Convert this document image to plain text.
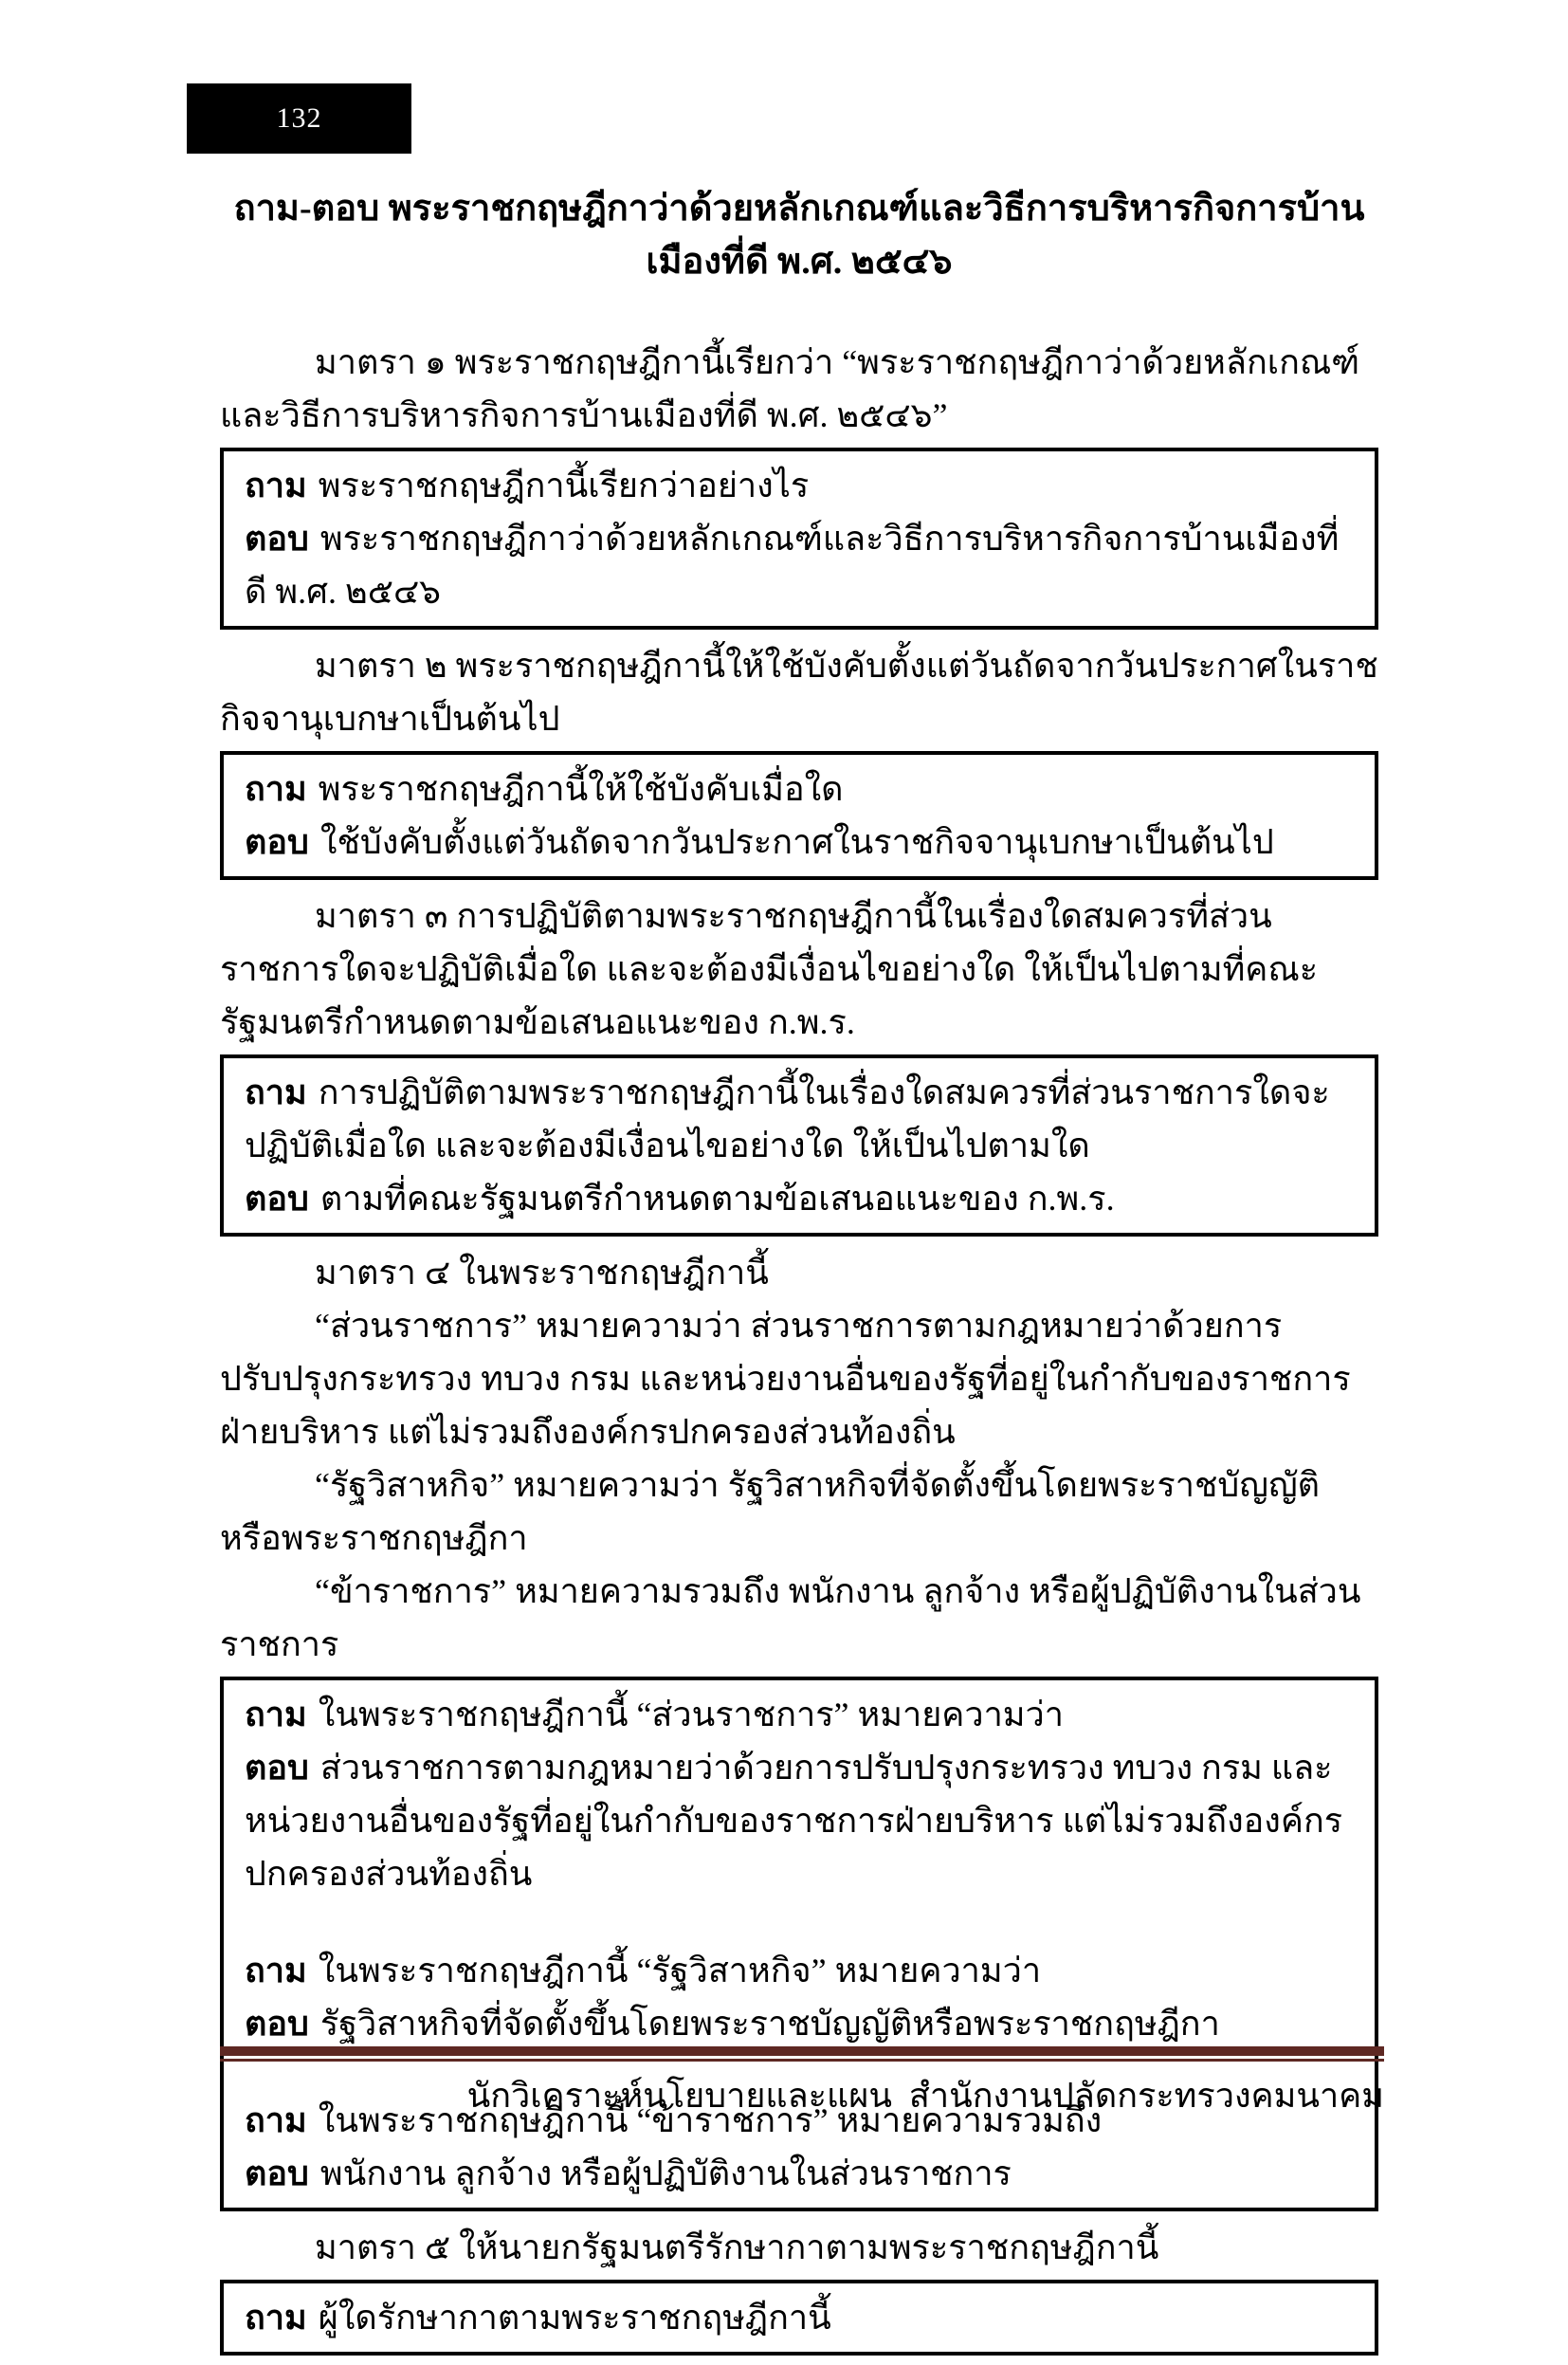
132
ถาม-ตอบ พระราชกฤษฎีกาว่าด้วยหลักเกณฑ์และวิธีการบริหารกิจการบ้านเมืองที่ดี พ.ศ. ๒๕๔๖

มาตรา ๑ พระราชกฤษฎีกานี้เรียกว่า “พระราชกฤษฎีกาว่าด้วยหลักเกณฑ์และวิธีการบริหาร​กิจการบ้านเมืองที่ดี พ.ศ. ๒๕๔๖”

ถาม พระราชกฤษฎีกานี้เรียกว่าอย่างไร
ตอบ พระราชกฤษฎีกาว่าด้วยหลักเกณฑ์และวิธีการบริหารกิจการบ้านเมืองที่ดี พ.ศ. ๒๕๔๖

มาตรา ๒ พระราชกฤษฎีกานี้ให้ใช้บังคับตั้งแต่วันถัดจากวันประกาศในราชกิจจานุเบกษาเป็นต้น​ไป

ถาม พระราชกฤษฎีกานี้ให้ใช้บังคับเมื่อใด
ตอบ ใช้บังคับตั้งแต่วันถัดจากวันประกาศในราชกิจจานุเบกษาเป็นต้นไป

มาตรา ๓ การปฏิบัติตามพระราชกฤษฎีกานี้ในเรื่องใดสมควรที่ส่วนราชการใดจะปฏิบัติเมื่อใด และจะต้องมีเงื่อนไขอย่างใด ให้เป็นไปตามที่คณะรัฐมนตรีกำหนดตามข้อเสนอแนะของ ก.พ.ร.

ถาม การปฏิบัติตามพระราชกฤษฎีกานี้ในเรื่องใดสมควรที่ส่วนราชการใดจะปฏิบัติเมื่อใด และจะต้องมี​เงื่อนไขอย่างใด ให้เป็นไปตามใด
ตอบ ตามที่คณะรัฐมนตรีกำหนดตามข้อเสนอแนะของ ก.พ.ร.

มาตรา ๔ ในพระราชกฤษฎีกานี้

“ส่วนราชการ” หมายความว่า ส่วนราชการตามกฎหมายว่าด้วยการปรับปรุงกระทรวง ทบวง กรม และหน่วยงานอื่นของรัฐที่อยู่ในกำกับของราชการฝ่ายบริหาร แต่ไม่รวมถึงองค์กรปกครองส่วนท้องถิ่น

“รัฐวิสาหกิจ” หมายความว่า รัฐวิสาหกิจที่จัดตั้งขึ้นโดยพระราชบัญญัติหรือพระราชกฤษฎีกา

“ข้าราชการ” หมายความรวมถึง พนักงาน ลูกจ้าง หรือผู้ปฏิบัติงานในส่วนราชการ

ถาม ในพระราชกฤษฎีกานี้ “ส่วนราชการ” หมายความว่า
ตอบ ส่วนราชการตามกฎหมายว่าด้วยการปรับปรุงกระทรวง ทบวง กรม และหน่วยงานอื่นของรัฐที่อยู่​ในกำกับของราชการฝ่ายบริหาร แต่ไม่รวมถึงองค์กรปกครองส่วนท้องถิ่น
ถาม ในพระราชกฤษฎีกานี้ “รัฐวิสาหกิจ” หมายความว่า
ตอบ รัฐวิสาหกิจที่จัดตั้งขึ้นโดยพระราชบัญญัติหรือพระราชกฤษฎีกา
ถาม ในพระราชกฤษฎีกานี้ “ข้าราชการ” หมายความรวมถึง
ตอบ พนักงาน ลูกจ้าง หรือผู้ปฏิบัติงานในส่วนราชการ

มาตรา ๕ ให้นายกรัฐมนตรีรักษากาตามพระราชกฤษฎีกานี้

ถาม ผู้ใดรักษากาตามพระราชกฤษฎีกานี้
นักวิเคราะห์นโยบายและแผน  สำนักงานปลัดกระทรวงคมนาคม
